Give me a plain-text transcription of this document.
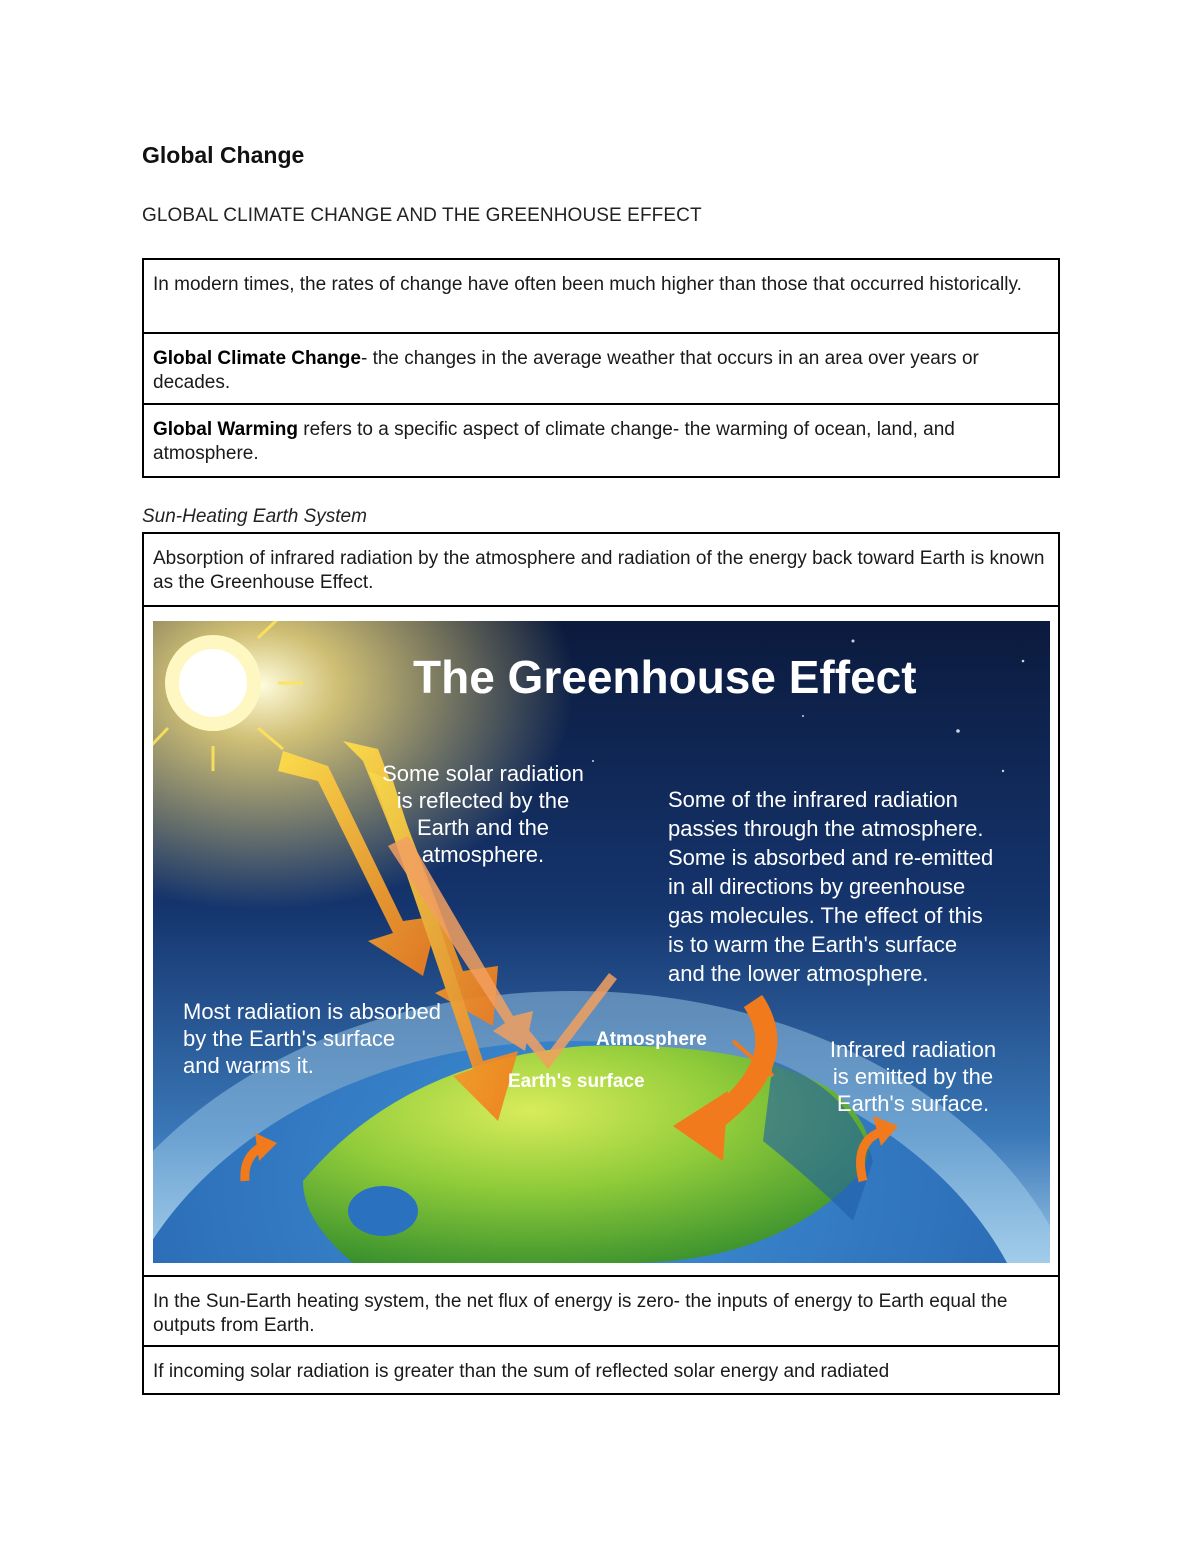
Global Change
GLOBAL CLIMATE CHANGE AND THE GREENHOUSE EFFECT
In modern times, the rates of change have often been much higher than those that occurred historically.
Global Climate Change- the changes in the average weather that occurs in an area over years or decades.
Global Warming refers to a specific aspect of climate change- the warming of ocean, land, and atmosphere.
Sun-Heating Earth System
Absorption of infrared radiation by the atmosphere and radiation of the energy back toward Earth is known as the Greenhouse Effect.
The Greenhouse Effect
Some solar radiation
is reflected by the
Earth and the
atmosphere.
Some of the infrared radiation
passes through the atmosphere.
Some is absorbed and re-emitted
in all directions by greenhouse
gas molecules. The effect of this
is to warm the Earth's surface
and the lower atmosphere.
Most radiation is absorbed
by the Earth's surface
and warms it.
Infrared radiation
is emitted by the
Earth's surface.
Atmosphere
Earth's surface
In the Sun-Earth heating system, the net flux of energy is zero- the inputs of energy to Earth equal the outputs from Earth.
If incoming solar radiation is greater than the sum of reflected solar energy and radiated
